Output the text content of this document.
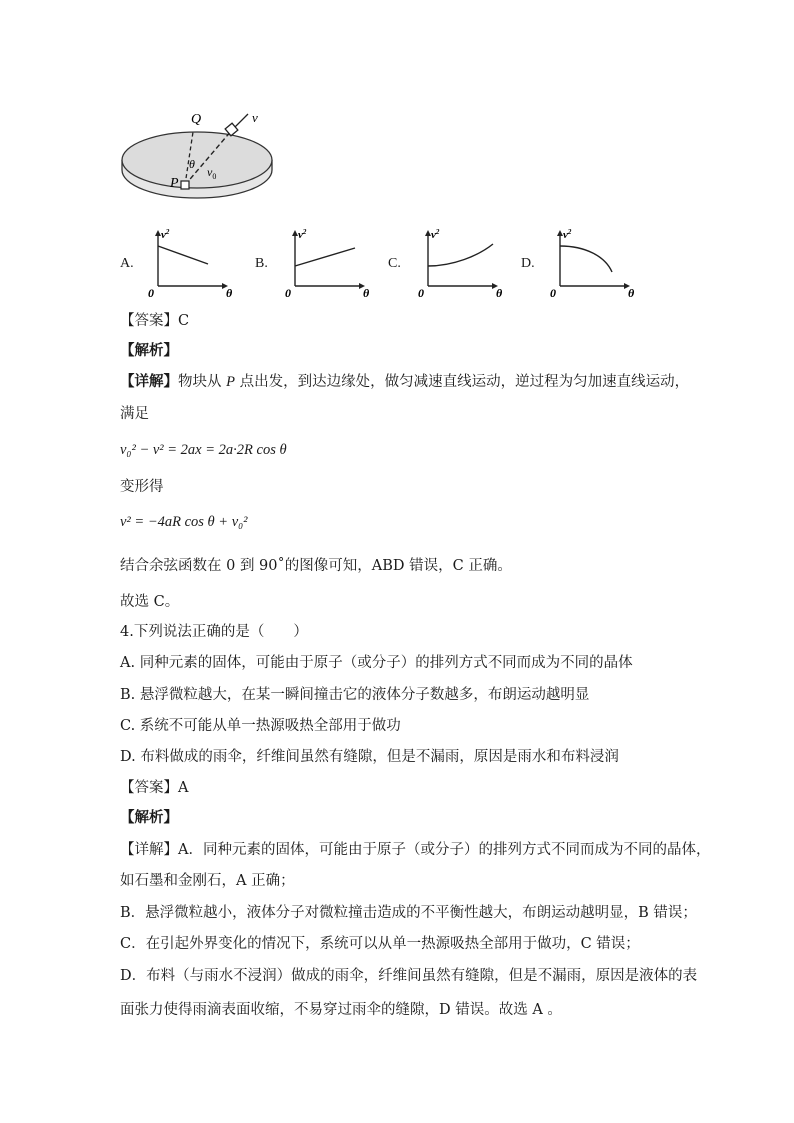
Q	v
θ
$v_0$
P
A.
$v^2$
0	θ
B.
$v^2$
0	θ
C.
$v^2$
0	θ
D.
$v^2$
0	θ
【答案】C
【解析】
【详解】物块从 P 点出发，到达边缘处，做匀减速直线运动，逆过程为匀加速直线运动，
满足
v₀² − v² = 2ax = 2a·2R cos θ
变形得
v² = −4aR cos θ + v₀²
结合余弦函数在 0 到 90˚的图像可知，ABD 错误，C 正确。
故选 C。
4.下列说法正确的是（　　）
A. 同种元素的固体，可能由于原子（或分子）的排列方式不同而成为不同的晶体
B. 悬浮微粒越大，在某一瞬间撞击它的液体分子数越多，布朗运动越明显
C. 系统不可能从单一热源吸热全部用于做功
D. 布料做成的雨伞，纤维间虽然有缝隙，但是不漏雨，原因是雨水和布料浸润
【答案】A
【解析】
【详解】A．同种元素的固体，可能由于原子（或分子）的排列方式不同而成为不同的晶体，
如石墨和金刚石，A 正确；
B．悬浮微粒越小，液体分子对微粒撞击造成的不平衡性越大，布朗运动越明显，B 错误；
C．在引起外界变化的情况下，系统可以从单一热源吸热全部用于做功，C 错误；
D．布料（与雨水不浸润）做成的雨伞，纤维间虽然有缝隙，但是不漏雨，原因是液体的表
面张力使得雨滴表面收缩，不易穿过雨伞的缝隙，D 错误。故选 A 。
